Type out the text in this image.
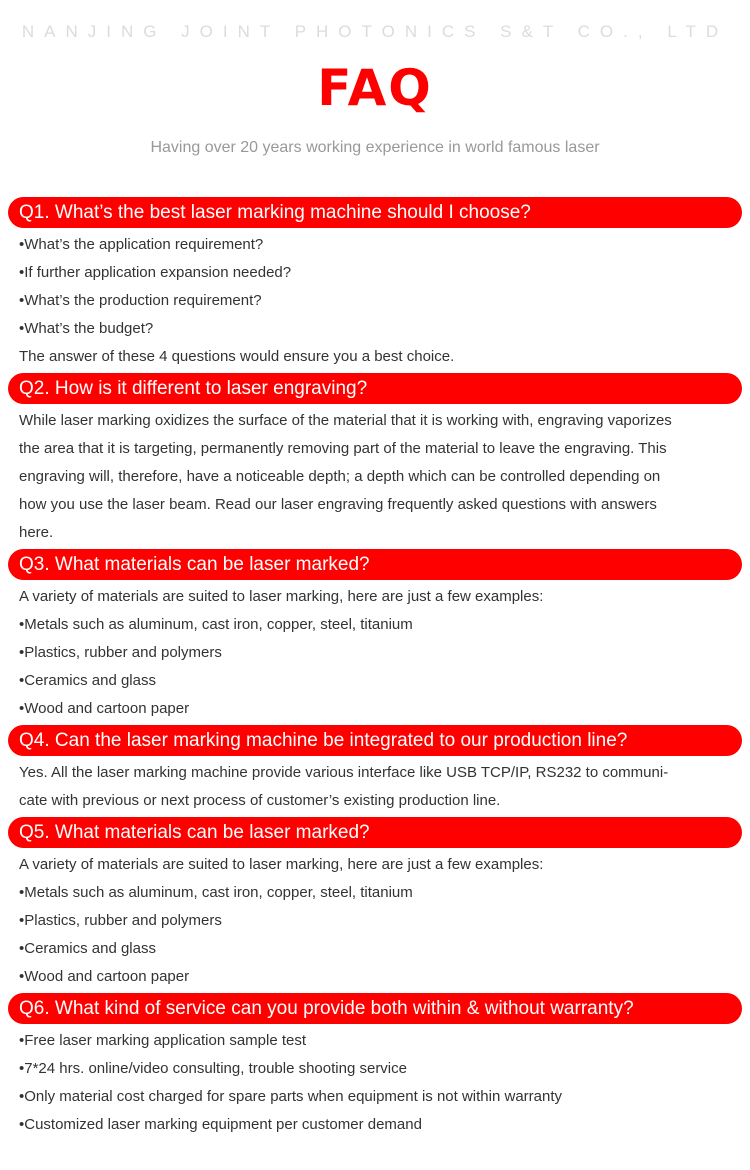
NANJING JOINT PHOTONICS S&T CO., LTD
FAQ
Having over 20 years working experience in world famous laser
Q1. What’s the best laser marking machine should I choose?
•What’s the application requirement?
•If further application expansion needed?
•What’s the production requirement?
•What’s the budget?
The answer of these 4 questions would ensure you a best choice.
Q2. How is it different to laser engraving?
While laser marking oxidizes the surface of the material that it is working with, engraving vaporizes
the area that it is targeting, permanently removing part of the material to leave the engraving. This
engraving will, therefore, have a noticeable depth; a depth which can be controlled depending on
how you use the laser beam. Read our laser engraving frequently asked questions with answers
here.
Q3. What materials can be laser marked?
A variety of materials are suited to laser marking, here are just a few examples:
•Metals such as aluminum, cast iron, copper, steel, titanium
•Plastics, rubber and polymers
•Ceramics and glass
•Wood and cartoon paper
Q4. Can the laser marking machine be integrated to our production line?
Yes. All the laser marking machine provide various interface like USB TCP/IP, RS232 to communi-
cate with previous or next process of customer’s existing production line.
Q5. What materials can be laser marked?
A variety of materials are suited to laser marking, here are just a few examples:
•Metals such as aluminum, cast iron, copper, steel, titanium
•Plastics, rubber and polymers
•Ceramics and glass
•Wood and cartoon paper
Q6. What kind of service can you provide both within & without warranty?
•Free laser marking application sample test
•7*24 hrs. online/video consulting, trouble shooting service
•Only material cost charged for spare parts when equipment is not within warranty
•Customized laser marking equipment per customer demand
